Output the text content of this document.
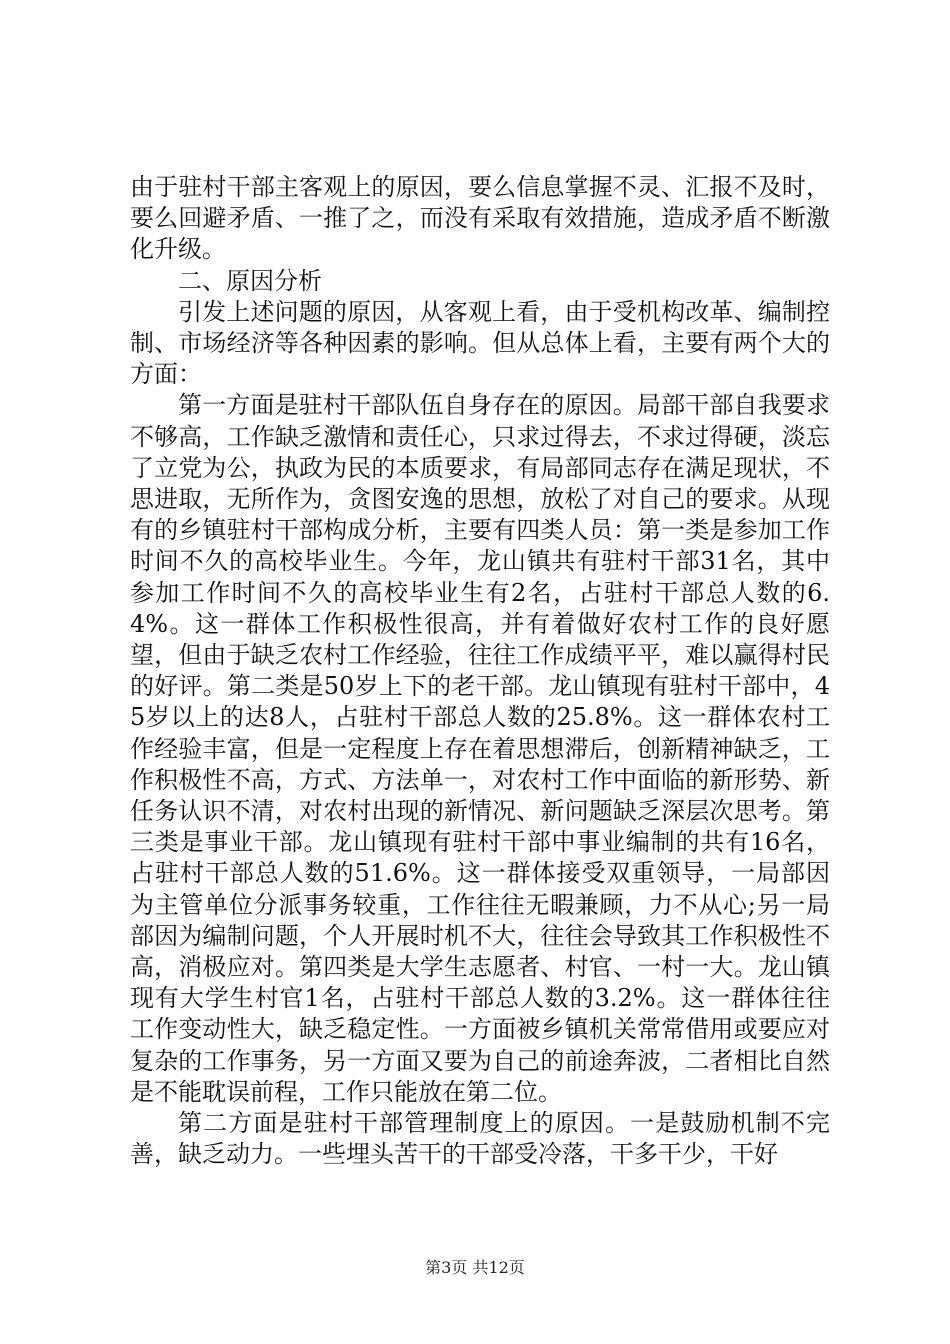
由于驻村干部主客观上的原因，要么信息掌握不灵、汇报不及时，要么回避矛盾、一推了之，而没有采取有效措施，造成矛盾不断激化升级。

二、原因分析

引发上述问题的原因，从客观上看，由于受机构改革、编制控制、市场经济等各种因素的影响。但从总体上看，主要有两个大的方面：

第一方面是驻村干部队伍自身存在的原因。局部干部自我要求不够高，工作缺乏激情和责任心，只求过得去，不求过得硬，淡忘了立党为公，执政为民的本质要求，有局部同志存在满足现状，不思进取，无所作为，贪图安逸的思想，放松了对自己的要求。从现有的乡镇驻村干部构成分析，主要有四类人员：第一类是参加工作时间不久的高校毕业生。今年，龙山镇共有驻村干部31名，其中参加工作时间不久的高校毕业生有2名，占驻村干部总人数的6.4%。这一群体工作积极性很高，并有着做好农村工作的良好愿望，但由于缺乏农村工作经验，往往工作成绩平平，难以赢得村民的好评。第二类是50岁上下的老干部。龙山镇现有驻村干部中，45岁以上的达8人，占驻村干部总人数的25.8%。这一群体农村工作经验丰富，但是一定程度上存在着思想滞后，创新精神缺乏，工作积极性不高，方式、方法单一，对农村工作中面临的新形势、新任务认识不清，对农村出现的新情况、新问题缺乏深层次思考。第三类是事业干部。龙山镇现有驻村干部中事业编制的共有16名，占驻村干部总人数的51.6%。这一群体接受双重领导，一局部因为主管单位分派事务较重，工作往往无暇兼顾，力不从心;另一局部因为编制问题，个人开展时机不大，往往会导致其工作积极性不高，消极应对。第四类是大学生志愿者、村官、一村一大。龙山镇现有大学生村官1名，占驻村干部总人数的3.2%。这一群体往往工作变动性大，缺乏稳定性。一方面被乡镇机关常常借用或要应对复杂的工作事务，另一方面又要为自己的前途奔波，二者相比自然是不能耽误前程，工作只能放在第二位。

第二方面是驻村干部管理制度上的原因。一是鼓励机制不完善，缺乏动力。一些埋头苦干的干部受冷落，干多干少，干好

第3页 共12页
